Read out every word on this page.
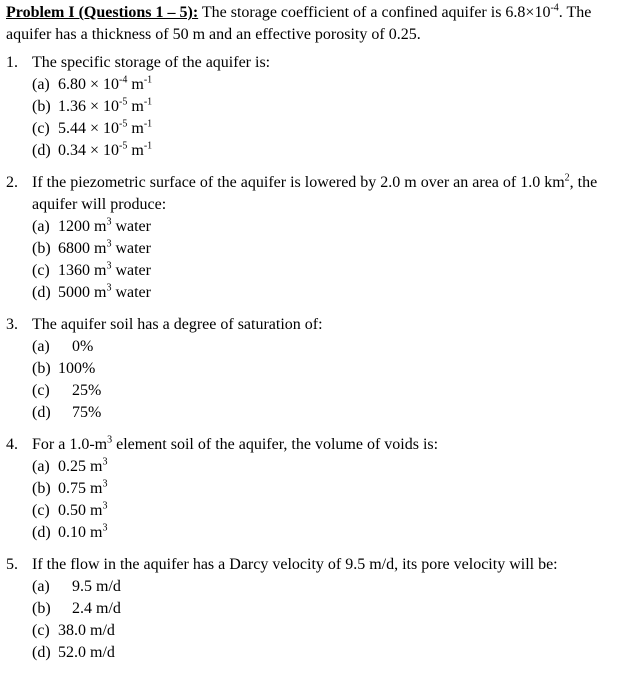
Problem I (Questions 1 – 5): The storage coefficient of a confined aquifer is $6.8\times 10^{-4}$. The aquifer has a thickness of 50 m and an effective porosity of 0.25.
1. The specific storage of the aquifer is:
(a) $6.80 \times 10^{-4}$ $m^{-1}$
(b) $1.36 \times 10^{-5}$ $m^{-1}$
(c) $5.44 \times 10^{-5}$ $m^{-1}$
(d) $0.34 \times 10^{-5}$ $m^{-1}$
2. If the piezometric surface of the aquifer is lowered by 2.0 m over an area of 1.0 $km^2$, the aquifer will produce:
(a) 1200 $m^3$ water
(b) 6800 $m^3$ water
(c) 1360 $m^3$ water
(d) 5000 $m^3$ water
3. The aquifer soil has a degree of saturation of:
(a)	0%
(b) 100%
(c)	25%
(d)	75%
4. For a $1.0-m^3$ element soil of the aquifer, the volume of voids is:
(a) 0.25 $m^3$
(b) 0.75 $m^3$
(c) 0.50 $m^3$
(d) 0.10 $m^3$
5. If the flow in the aquifer has a Darcy velocity of 9.5 m/d, its pore velocity will be:
(a)	9.5 m/d
(b)	2.4 m/d
(c) 38.0 m/d
(d) 52.0 m/d
